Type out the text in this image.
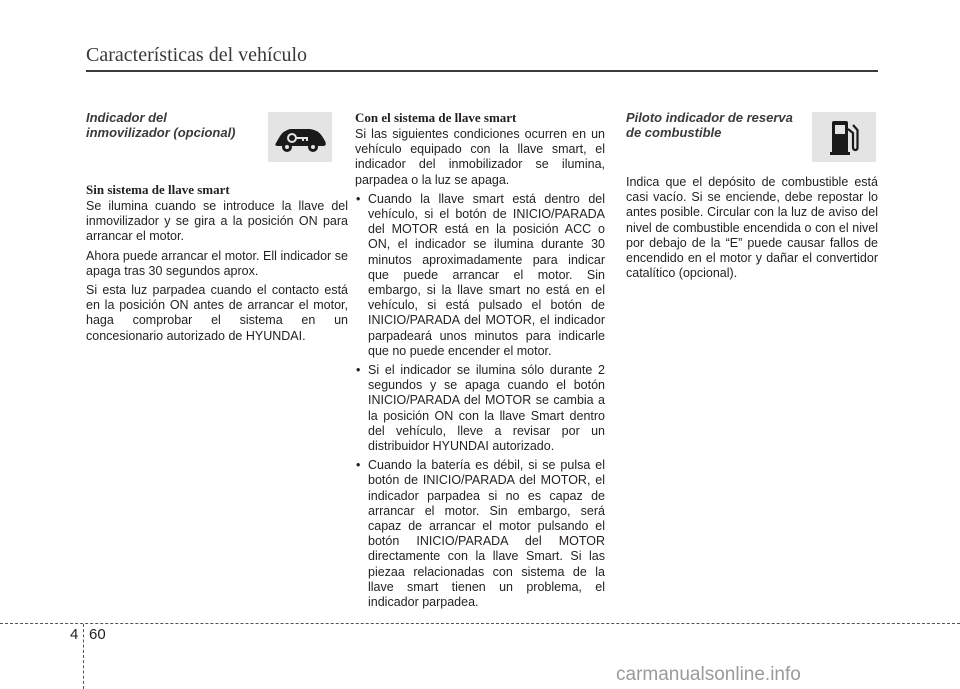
Características del vehículo

Indicador del
inmovilizador (opcional)

Sin sistema de llave smart

Se ilumina cuando se introduce la llave del inmovilizador y se gira a la posición ON para arrancar el motor.

Ahora puede arrancar el motor. Ell indicador se apaga tras 30 segundos aprox.

Si esta luz parpadea cuando el contacto está en la posición ON antes de arrancar el motor, haga comprobar el sistema en un concesionario autorizado de HYUNDAI.

Con el sistema de llave smart

Si las siguientes condiciones ocurren en un vehículo equipado con la llave smart, el indicador del inmobilizador se ilumina, parpadea o la luz se apaga.

• Cuando la llave smart está dentro del vehículo, si el botón de INICIO/PARADA del MOTOR está en la posición ACC o ON, el indicador se ilumina durante 30 minutos aproximadamente para indicar que puede arrancar el motor. Sin embargo, si la llave smart no está en el vehículo, si está pulsado el botón de INICIO/PARADA del MOTOR, el indicador parpadeará unos minutos para indicarle que no puede encender el motor.
• Si el indicador se ilumina sólo durante 2 segundos y se apaga cuando el botón INICIO/PARADA del MOTOR se cambia a la posición ON con la llave Smart dentro del vehículo, lleve a revisar por un distribuidor HYUNDAI autorizado.
• Cuando la batería es débil, si se pulsa el botón de INICIO/PARADA del MOTOR, el indicador parpadea si no es capaz de arrancar el motor. Sin embargo, será capaz de arrancar el motor pulsando el botón INICIO/PARADA del MOTOR directamente con la llave Smart. Si las piezaa relacionadas con sistema de la llave smart tienen un problema, el indicador parpadea.

Piloto indicador de reserva
de combustible

Indica que el depósito de combustible está casi vacío. Si se enciende, debe repostar lo antes posible. Circular con la luz de aviso del nivel de combustible encendida o con el nivel por debajo de la “E” puede causar fallos de encendido en el motor y dañar el convertidor catalítico (opcional).

4 60
carmanualsonline.info
